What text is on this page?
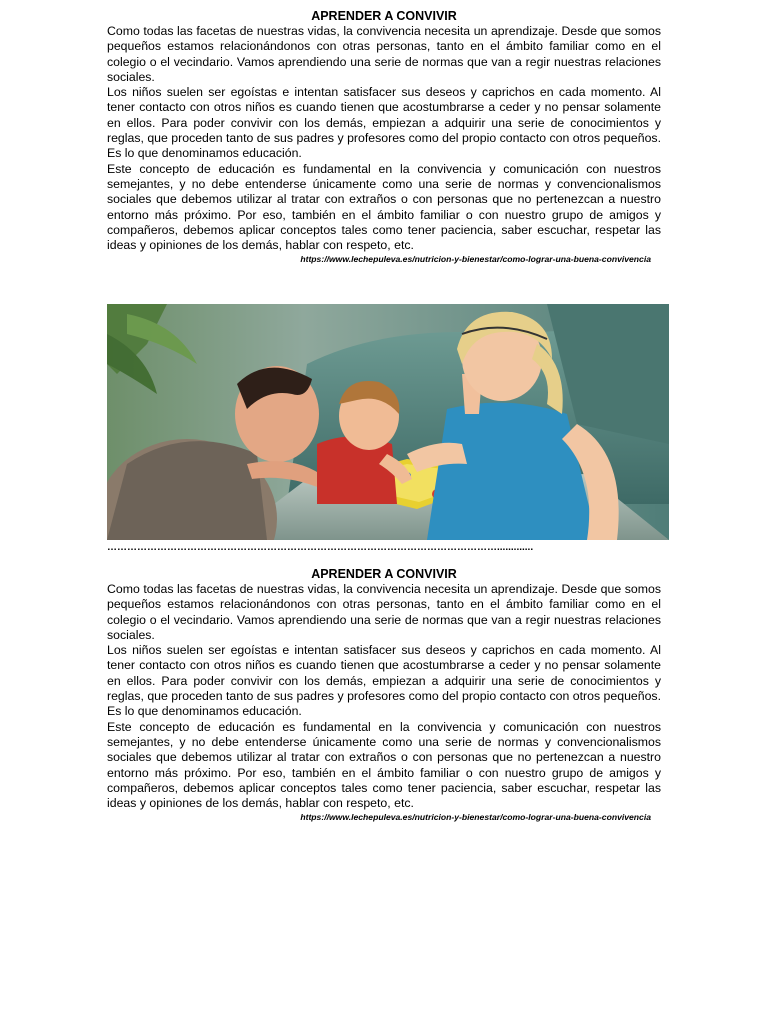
APRENDER A CONVIVIR

Como todas las facetas de nuestras vidas, la convivencia necesita un aprendizaje. Desde que somos pequeños estamos relacionándonos con otras personas, tanto en el ámbito familiar como en el colegio o el vecindario. Vamos aprendiendo una serie de normas que van a regir nuestras relaciones sociales.

Los niños suelen ser egoístas e intentan satisfacer sus deseos y caprichos en cada momento. Al tener contacto con otros niños es cuando tienen que acostumbrarse a ceder y no pensar solamente en ellos. Para poder convivir con los demás, empiezan a adquirir una serie de conocimientos y reglas, que proceden tanto de sus padres y profesores como del propio contacto con otros pequeños. Es lo que denominamos educación.

Este concepto de educación es fundamental en la convivencia y comunicación con nuestros semejantes, y no debe entenderse únicamente como una serie de normas y convencionalismos sociales que debemos utilizar al tratar con extraños o con personas que no pertenezcan a nuestro entorno más próximo. Por eso, también en el ámbito familiar o con nuestro grupo de amigos y compañeros, debemos aplicar conceptos tales como tener paciencia, saber escuchar, respetar las ideas y opiniones de los demás, hablar con respeto, etc.

https://www.lechepuleva.es/nutricion-y-bienestar/como-lograr-una-buena-convivencia

……………………………………………………………………………………………………….............
APRENDER A CONVIVIR

Como todas las facetas de nuestras vidas, la convivencia necesita un aprendizaje. Desde que somos pequeños estamos relacionándonos con otras personas, tanto en el ámbito familiar como en el colegio o el vecindario. Vamos aprendiendo una serie de normas que van a regir nuestras relaciones sociales.

Los niños suelen ser egoístas e intentan satisfacer sus deseos y caprichos en cada momento. Al tener contacto con otros niños es cuando tienen que acostumbrarse a ceder y no pensar solamente en ellos. Para poder convivir con los demás, empiezan a adquirir una serie de conocimientos y reglas, que proceden tanto de sus padres y profesores como del propio contacto con otros pequeños. Es lo que denominamos educación.

Este concepto de educación es fundamental en la convivencia y comunicación con nuestros semejantes, y no debe entenderse únicamente como una serie de normas y convencionalismos sociales que debemos utilizar al tratar con extraños o con personas que no pertenezcan a nuestro entorno más próximo. Por eso, también en el ámbito familiar o con nuestro grupo de amigos y compañeros, debemos aplicar conceptos tales como tener paciencia, saber escuchar, respetar las ideas y opiniones de los demás, hablar con respeto, etc.

https://www.lechepuleva.es/nutricion-y-bienestar/como-lograr-una-buena-convivencia
